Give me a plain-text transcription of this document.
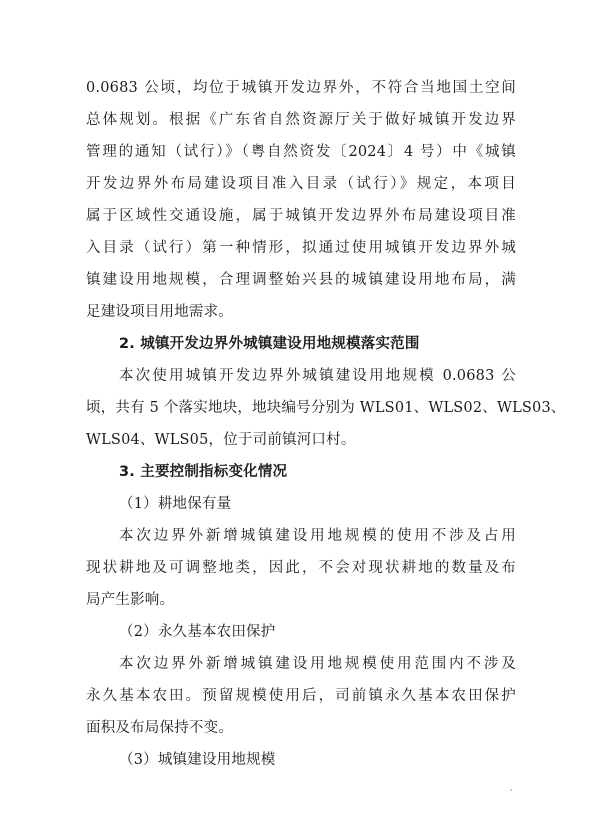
0.0683 公顷，均位于城镇开发边界外，不符合当地国土空间
总体规划。根据《广东省自然资源厅关于做好城镇开发边界
管理的通知（试行）》（粤自然资发〔2024〕4 号）中《城镇
开发边界外布局建设项目准入目录（试行）》规定，本项目
属于区域性交通设施，属于城镇开发边界外布局建设项目准
入目录（试行）第一种情形，拟通过使用城镇开发边界外城
镇建设用地规模，合理调整始兴县的城镇建设用地布局，满
足建设项目用地需求。
2. 城镇开发边界外城镇建设用地规模落实范围
本次使用城镇开发边界外城镇建设用地规模 0.0683 公
顷，共有 5 个落实地块，地块编号分别为 WLS01、WLS02、WLS03、
WLS04、WLS05，位于司前镇河口村。
3. 主要控制指标变化情况
（1）耕地保有量
本次边界外新增城镇建设用地规模的使用不涉及占用
现状耕地及可调整地类，因此，不会对现状耕地的数量及布
局产生影响。
（2）永久基本农田保护
本次边界外新增城镇建设用地规模使用范围内不涉及
永久基本农田。预留规模使用后，司前镇永久基本农田保护
面积及布局保持不变。
（3）城镇建设用地规模
